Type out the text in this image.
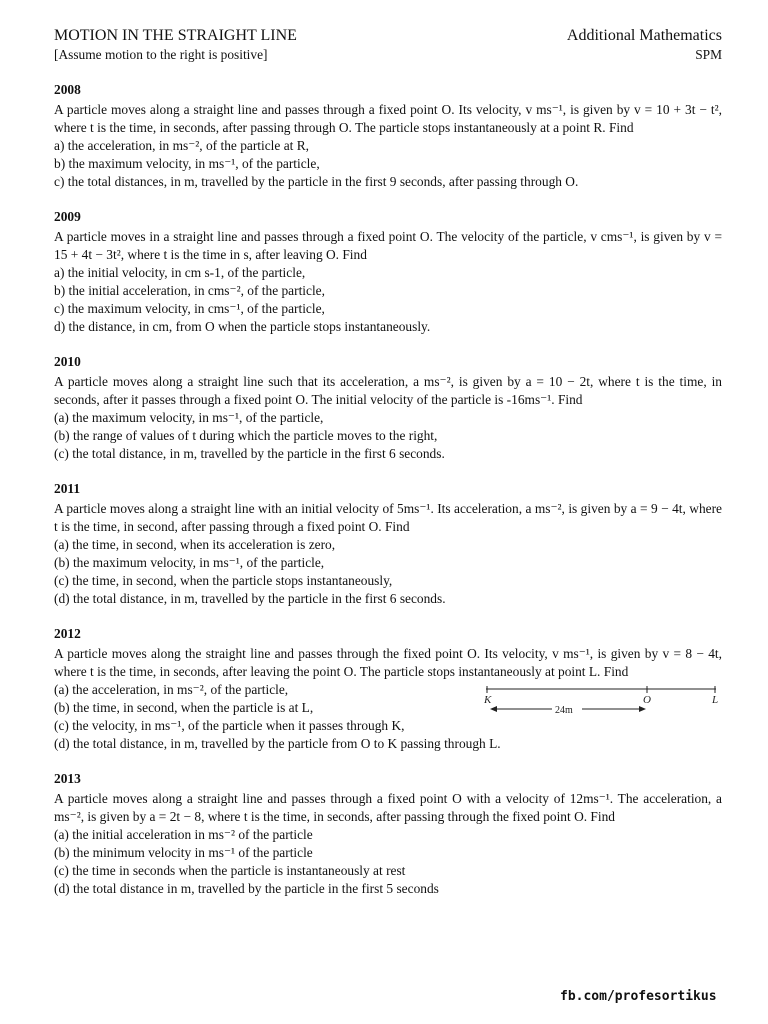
MOTION IN THE STRAIGHT LINE
[Assume motion to the right is positive]
Additional Mathematics
SPM
2008
A particle moves along a straight line and passes through a fixed point O. Its velocity, v ms⁻¹, is given by v = 10 + 3t − t², where t is the time, in seconds, after passing through O. The particle stops instantaneously at a point R. Find
a) the acceleration, in ms⁻², of the particle at R,
b) the maximum velocity, in ms⁻¹, of the particle,
c) the total distances, in m, travelled by the particle in the first 9 seconds, after passing through O.
2009
A particle moves in a straight line and passes through a fixed point O. The velocity of the particle, v cms⁻¹, is given by v = 15 + 4t − 3t², where t is the time in s, after leaving O. Find
a) the initial velocity, in cm s-1, of the particle,
b) the initial acceleration, in cms⁻², of the particle,
c) the maximum velocity, in cms⁻¹, of the particle,
d) the distance, in cm, from O when the particle stops instantaneously.
2010
A particle moves along a straight line such that its acceleration, a ms⁻², is given by a = 10 − 2t, where t is the time, in seconds, after it passes through a fixed point O. The initial velocity of the particle is -16ms⁻¹. Find
(a) the maximum velocity, in ms⁻¹, of the particle,
(b) the range of values of t during which the particle moves to the right,
(c) the total distance, in m, travelled by the particle in the first 6 seconds.
2011
A particle moves along a straight line with an initial velocity of 5ms⁻¹. Its acceleration, a ms⁻², is given by a = 9 − 4t, where t is the time, in second, after passing through a fixed point O. Find
(a) the time, in second, when its acceleration is zero,
(b) the maximum velocity, in ms⁻¹, of the particle,
(c) the time, in second, when the particle stops instantaneously,
(d) the total distance, in m, travelled by the particle in the first 6 seconds.
2012
A particle moves along the straight line and passes through the fixed point O. Its velocity, v ms⁻¹, is given by v = 8 − 4t, where t is the time, in seconds, after leaving the point O. The particle stops instantaneously at point L. Find
(a) the acceleration, in ms⁻², of the particle,
(b) the time, in second, when the particle is at L,
(c) the velocity, in ms⁻¹, of the particle when it passes through K,
(d) the total distance, in m, travelled by the particle from O to K passing through L.
K	O	L
24m
2013
A particle moves along a straight line and passes through a fixed point O with a velocity of 12ms⁻¹. The acceleration, a ms⁻², is given by a = 2t − 8, where t is the time, in seconds, after passing through the fixed point O. Find
(a) the initial acceleration in ms⁻² of the particle
(b) the minimum velocity in ms⁻¹ of the particle
(c) the time in seconds when the particle is instantaneously at rest
(d) the total distance in m, travelled by the particle in the first 5 seconds
fb.com/profesortikus
